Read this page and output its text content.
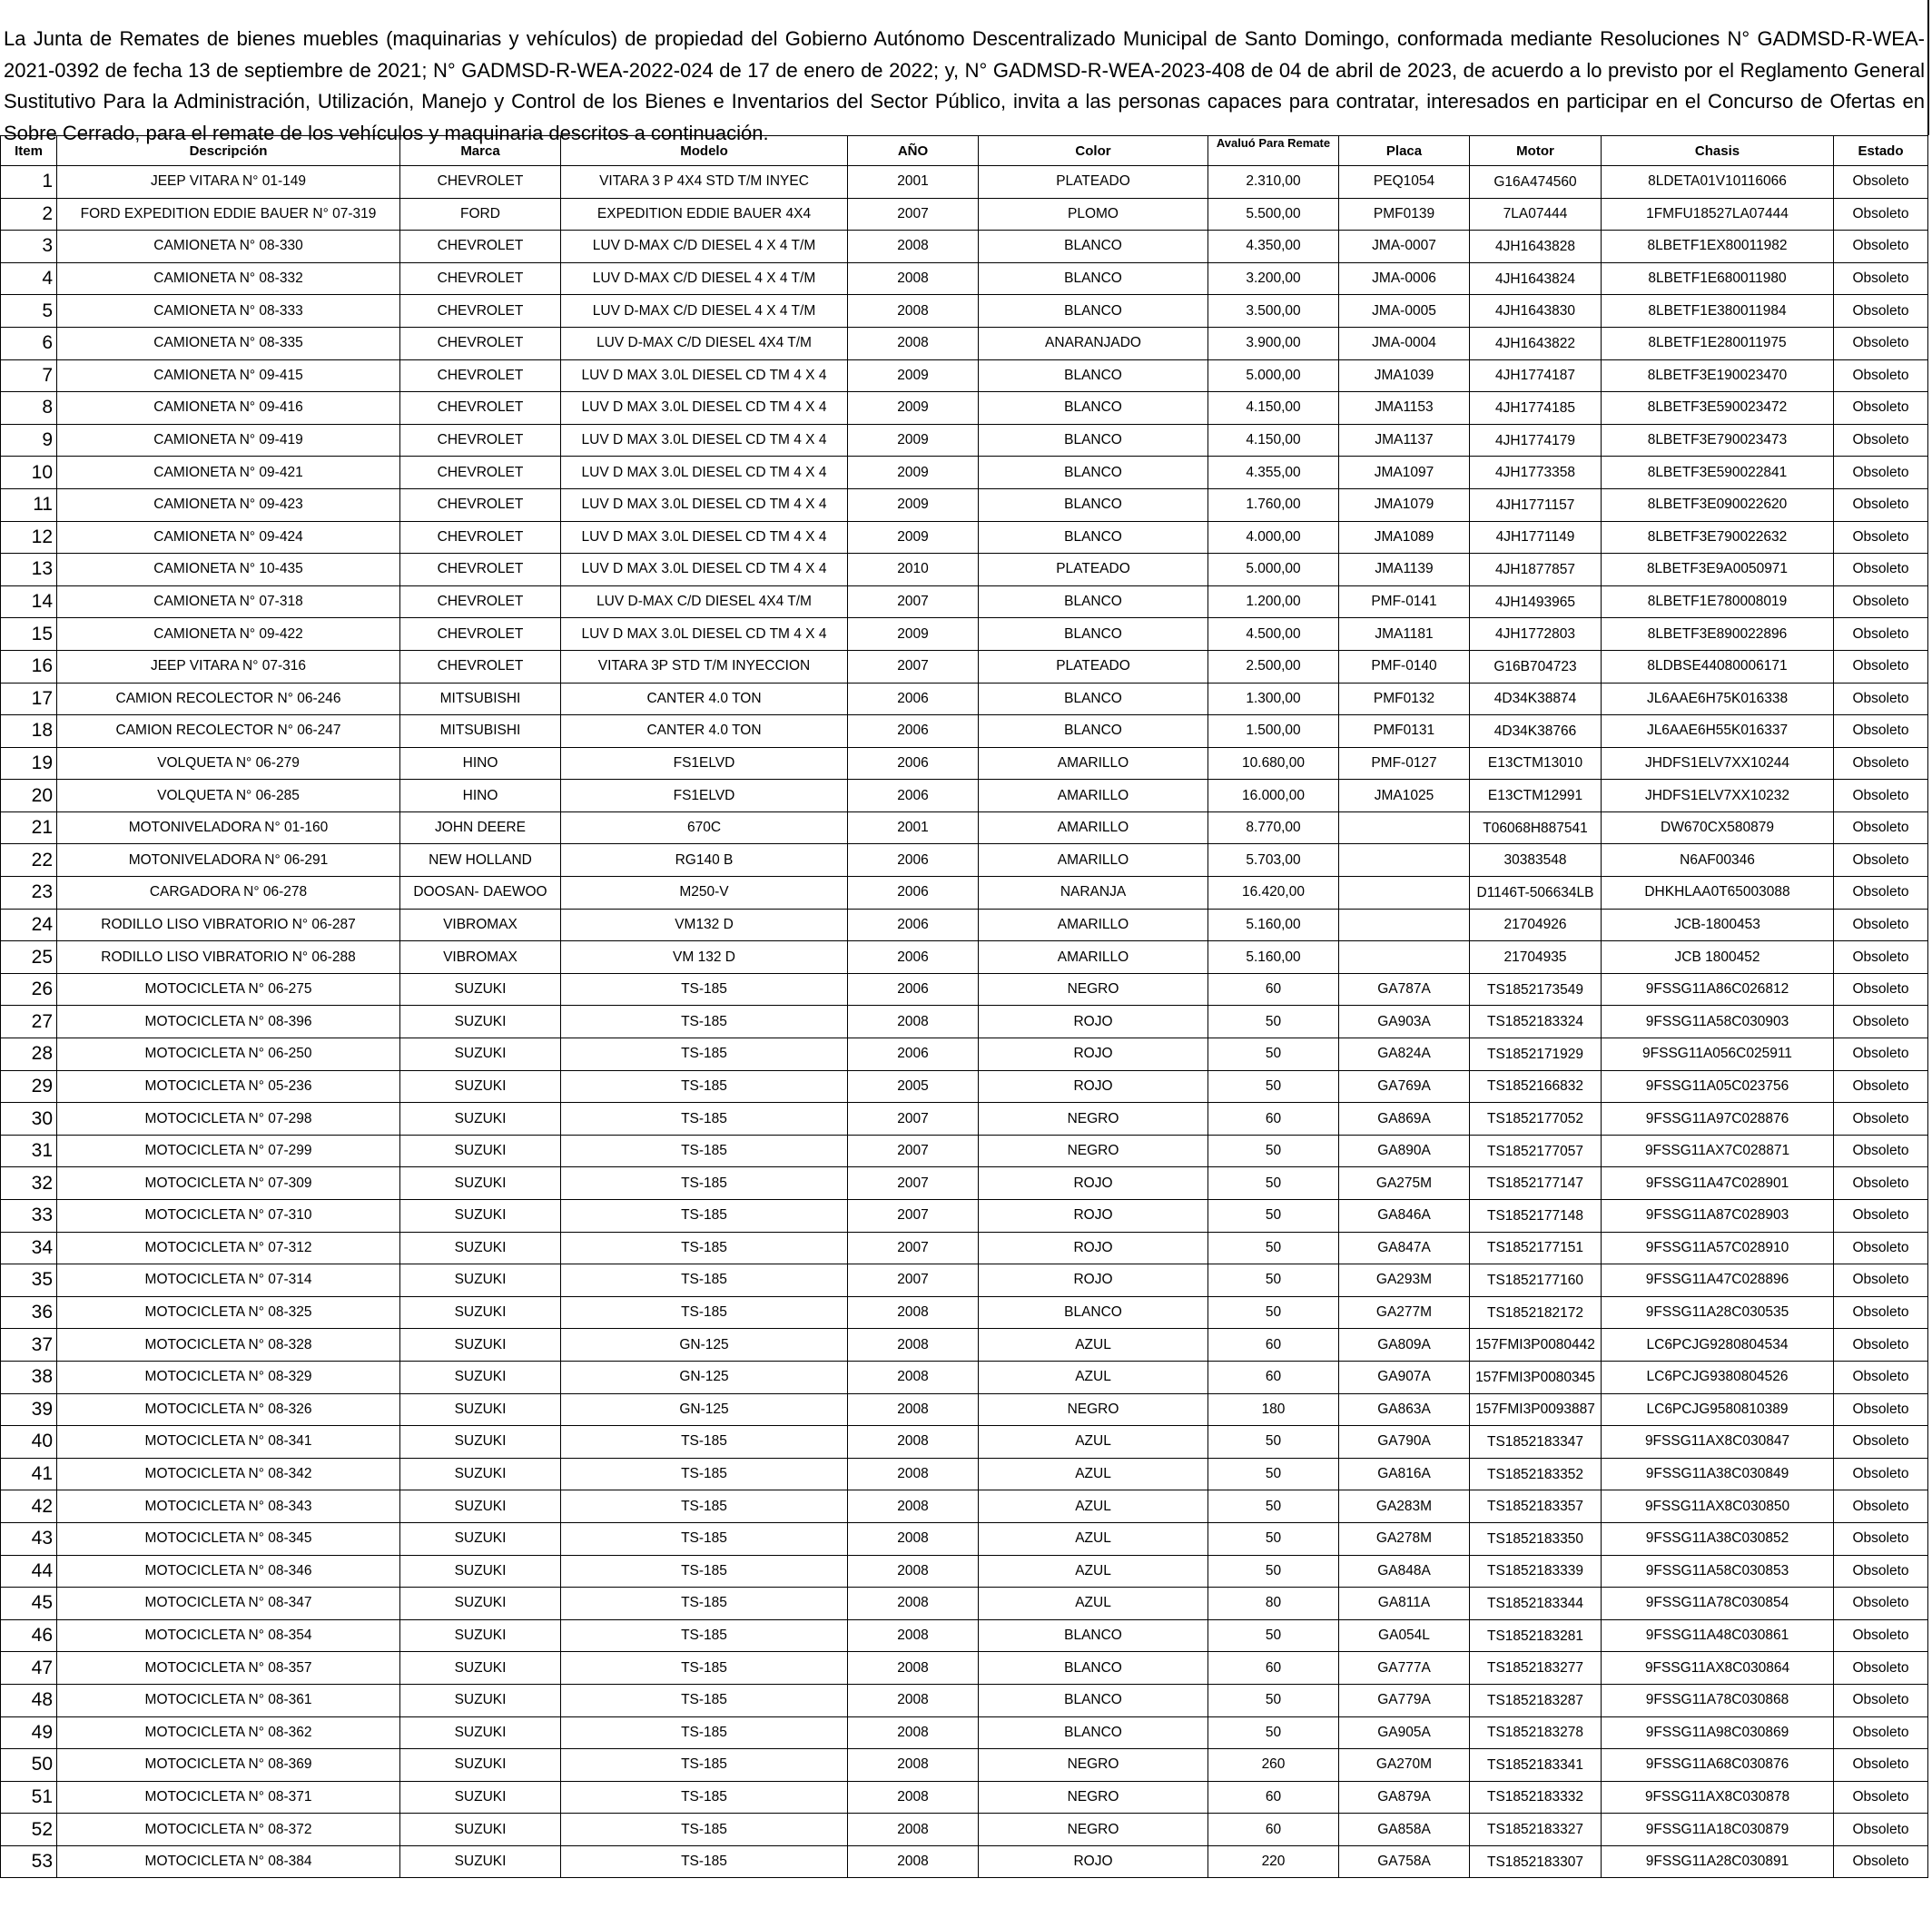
La Junta de Remates de bienes muebles (maquinarias y vehículos) de propiedad del Gobierno Autónomo Descentralizado Municipal de Santo Domingo, conformada mediante Resoluciones N° GADMSD-R-WEA-2021-0392 de fecha 13 de septiembre de 2021; N° GADMSD-R-WEA-2022-024 de 17 de enero de 2022; y, N° GADMSD-R-WEA-2023-408 de 04 de abril de 2023, de acuerdo a lo previsto por el Reglamento General Sustitutivo Para la Administración, Utilización, Manejo y Control de los Bienes e Inventarios del Sector Público, invita a las personas capaces para contratar, interesados en participar en el Concurso de Ofertas en Sobre Cerrado, para el remate de los vehículos y maquinaria descritos a continuación.

Item	Descripción	Marca	Modelo	AÑO	Color	Avaluó Para Remate	Placa	Motor	Chasis	Estado
1	JEEP VITARA N° 01-149	CHEVROLET	VITARA 3 P 4X4 STD T/M INYEC	2001	PLATEADO	2.310,00	PEQ1054	G16A474560	8LDETA01V10116066	Obsoleto
2	FORD EXPEDITION EDDIE BAUER N° 07-319	FORD	EXPEDITION EDDIE BAUER 4X4	2007	PLOMO	5.500,00	PMF0139	7LA07444	1FMFU18527LA07444	Obsoleto
3	CAMIONETA N° 08-330	CHEVROLET	LUV D-MAX C/D DIESEL 4 X 4 T/M	2008	BLANCO	4.350,00	JMA-0007	4JH1643828	8LBETF1EX80011982	Obsoleto
4	CAMIONETA N° 08-332	CHEVROLET	LUV D-MAX C/D DIESEL 4 X 4 T/M	2008	BLANCO	3.200,00	JMA-0006	4JH1643824	8LBETF1E680011980	Obsoleto
5	CAMIONETA N° 08-333	CHEVROLET	LUV D-MAX C/D DIESEL 4 X 4 T/M	2008	BLANCO	3.500,00	JMA-0005	4JH1643830	8LBETF1E380011984	Obsoleto
6	CAMIONETA N° 08-335	CHEVROLET	LUV D-MAX C/D DIESEL 4X4 T/M	2008	ANARANJADO	3.900,00	JMA-0004	4JH1643822	8LBETF1E280011975	Obsoleto
7	CAMIONETA N° 09-415	CHEVROLET	LUV D MAX 3.0L DIESEL CD TM 4 X 4	2009	BLANCO	5.000,00	JMA1039	4JH1774187	8LBETF3E190023470	Obsoleto
8	CAMIONETA N° 09-416	CHEVROLET	LUV D MAX 3.0L DIESEL CD TM 4 X 4	2009	BLANCO	4.150,00	JMA1153	4JH1774185	8LBETF3E590023472	Obsoleto
9	CAMIONETA N° 09-419	CHEVROLET	LUV D MAX 3.0L DIESEL CD TM 4 X 4	2009	BLANCO	4.150,00	JMA1137	4JH1774179	8LBETF3E790023473	Obsoleto
10	CAMIONETA N° 09-421	CHEVROLET	LUV D MAX 3.0L DIESEL CD TM 4 X 4	2009	BLANCO	4.355,00	JMA1097	4JH1773358	8LBETF3E590022841	Obsoleto
11	CAMIONETA N° 09-423	CHEVROLET	LUV D MAX 3.0L DIESEL CD TM 4 X 4	2009	BLANCO	1.760,00	JMA1079	4JH1771157	8LBETF3E090022620	Obsoleto
12	CAMIONETA N° 09-424	CHEVROLET	LUV D MAX 3.0L DIESEL CD TM 4 X 4	2009	BLANCO	4.000,00	JMA1089	4JH1771149	8LBETF3E790022632	Obsoleto
13	CAMIONETA N° 10-435	CHEVROLET	LUV D MAX 3.0L DIESEL CD TM 4 X 4	2010	PLATEADO	5.000,00	JMA1139	4JH1877857	8LBETF3E9A0050971	Obsoleto
14	CAMIONETA N° 07-318	CHEVROLET	LUV D-MAX C/D DIESEL 4X4 T/M	2007	BLANCO	1.200,00	PMF-0141	4JH1493965	8LBETF1E780008019	Obsoleto
15	CAMIONETA N° 09-422	CHEVROLET	LUV D MAX 3.0L DIESEL CD TM 4 X 4	2009	BLANCO	4.500,00	JMA1181	4JH1772803	8LBETF3E890022896	Obsoleto
16	JEEP VITARA N° 07-316	CHEVROLET	VITARA 3P STD T/M INYECCION	2007	PLATEADO	2.500,00	PMF-0140	G16B704723	8LDBSE44080006171	Obsoleto
17	CAMION RECOLECTOR N° 06-246	MITSUBISHI	CANTER 4.0 TON	2006	BLANCO	1.300,00	PMF0132	4D34K38874	JL6AAE6H75K016338	Obsoleto
18	CAMION RECOLECTOR N° 06-247	MITSUBISHI	CANTER 4.0 TON	2006	BLANCO	1.500,00	PMF0131	4D34K38766	JL6AAE6H55K016337	Obsoleto
19	VOLQUETA N° 06-279	HINO	FS1ELVD	2006	AMARILLO	10.680,00	PMF-0127	E13CTM13010	JHDFS1ELV7XX10244	Obsoleto
20	VOLQUETA N° 06-285	HINO	FS1ELVD	2006	AMARILLO	16.000,00	JMA1025	E13CTM12991	JHDFS1ELV7XX10232	Obsoleto
21	MOTONIVELADORA N° 01-160	JOHN DEERE	670C	2001	AMARILLO	8.770,00		T06068H887541	DW670CX580879	Obsoleto
22	MOTONIVELADORA N° 06-291	NEW HOLLAND	RG140 B	2006	AMARILLO	5.703,00		30383548	N6AF00346	Obsoleto
23	CARGADORA N° 06-278	DOOSAN- DAEWOO	M250-V	2006	NARANJA	16.420,00		D1146T-506634LB	DHKHLAA0T65003088	Obsoleto
24	RODILLO LISO VIBRATORIO N° 06-287	VIBROMAX	VM132 D	2006	AMARILLO	5.160,00		21704926	JCB-1800453	Obsoleto
25	RODILLO LISO VIBRATORIO N° 06-288	VIBROMAX	VM 132 D	2006	AMARILLO	5.160,00		21704935	JCB 1800452	Obsoleto
26	MOTOCICLETA N° 06-275	SUZUKI	TS-185	2006	NEGRO	60	GA787A	TS1852173549	9FSSG11A86C026812	Obsoleto
27	MOTOCICLETA N° 08-396	SUZUKI	TS-185	2008	ROJO	50	GA903A	TS1852183324	9FSSG11A58C030903	Obsoleto
28	MOTOCICLETA N° 06-250	SUZUKI	TS-185	2006	ROJO	50	GA824A	TS1852171929	9FSSG11A056C025911	Obsoleto
29	MOTOCICLETA N° 05-236	SUZUKI	TS-185	2005	ROJO	50	GA769A	TS1852166832	9FSSG11A05C023756	Obsoleto
30	MOTOCICLETA N° 07-298	SUZUKI	TS-185	2007	NEGRO	60	GA869A	TS1852177052	9FSSG11A97C028876	Obsoleto
31	MOTOCICLETA N° 07-299	SUZUKI	TS-185	2007	NEGRO	50	GA890A	TS1852177057	9FSSG11AX7C028871	Obsoleto
32	MOTOCICLETA N° 07-309	SUZUKI	TS-185	2007	ROJO	50	GA275M	TS1852177147	9FSSG11A47C028901	Obsoleto
33	MOTOCICLETA N° 07-310	SUZUKI	TS-185	2007	ROJO	50	GA846A	TS1852177148	9FSSG11A87C028903	Obsoleto
34	MOTOCICLETA N° 07-312	SUZUKI	TS-185	2007	ROJO	50	GA847A	TS1852177151	9FSSG11A57C028910	Obsoleto
35	MOTOCICLETA N° 07-314	SUZUKI	TS-185	2007	ROJO	50	GA293M	TS1852177160	9FSSG11A47C028896	Obsoleto
36	MOTOCICLETA N° 08-325	SUZUKI	TS-185	2008	BLANCO	50	GA277M	TS1852182172	9FSSG11A28C030535	Obsoleto
37	MOTOCICLETA N° 08-328	SUZUKI	GN-125	2008	AZUL	60	GA809A	157FMI3P0080442	LC6PCJG9280804534	Obsoleto
38	MOTOCICLETA N° 08-329	SUZUKI	GN-125	2008	AZUL	60	GA907A	157FMI3P0080345	LC6PCJG9380804526	Obsoleto
39	MOTOCICLETA N° 08-326	SUZUKI	GN-125	2008	NEGRO	180	GA863A	157FMI3P0093887	LC6PCJG9580810389	Obsoleto
40	MOTOCICLETA N° 08-341	SUZUKI	TS-185	2008	AZUL	50	GA790A	TS1852183347	9FSSG11AX8C030847	Obsoleto
41	MOTOCICLETA N° 08-342	SUZUKI	TS-185	2008	AZUL	50	GA816A	TS1852183352	9FSSG11A38C030849	Obsoleto
42	MOTOCICLETA N° 08-343	SUZUKI	TS-185	2008	AZUL	50	GA283M	TS1852183357	9FSSG11AX8C030850	Obsoleto
43	MOTOCICLETA N° 08-345	SUZUKI	TS-185	2008	AZUL	50	GA278M	TS1852183350	9FSSG11A38C030852	Obsoleto
44	MOTOCICLETA N° 08-346	SUZUKI	TS-185	2008	AZUL	50	GA848A	TS1852183339	9FSSG11A58C030853	Obsoleto
45	MOTOCICLETA N° 08-347	SUZUKI	TS-185	2008	AZUL	80	GA811A	TS1852183344	9FSSG11A78C030854	Obsoleto
46	MOTOCICLETA N° 08-354	SUZUKI	TS-185	2008	BLANCO	50	GA054L	TS1852183281	9FSSG11A48C030861	Obsoleto
47	MOTOCICLETA N° 08-357	SUZUKI	TS-185	2008	BLANCO	60	GA777A	TS1852183277	9FSSG11AX8C030864	Obsoleto
48	MOTOCICLETA N° 08-361	SUZUKI	TS-185	2008	BLANCO	50	GA779A	TS1852183287	9FSSG11A78C030868	Obsoleto
49	MOTOCICLETA N° 08-362	SUZUKI	TS-185	2008	BLANCO	50	GA905A	TS1852183278	9FSSG11A98C030869	Obsoleto
50	MOTOCICLETA N° 08-369	SUZUKI	TS-185	2008	NEGRO	260	GA270M	TS1852183341	9FSSG11A68C030876	Obsoleto
51	MOTOCICLETA N° 08-371	SUZUKI	TS-185	2008	NEGRO	60	GA879A	TS1852183332	9FSSG11AX8C030878	Obsoleto
52	MOTOCICLETA N° 08-372	SUZUKI	TS-185	2008	NEGRO	60	GA858A	TS1852183327	9FSSG11A18C030879	Obsoleto
53	MOTOCICLETA N° 08-384	SUZUKI	TS-185	2008	ROJO	220	GA758A	TS1852183307	9FSSG11A28C030891	Obsoleto
